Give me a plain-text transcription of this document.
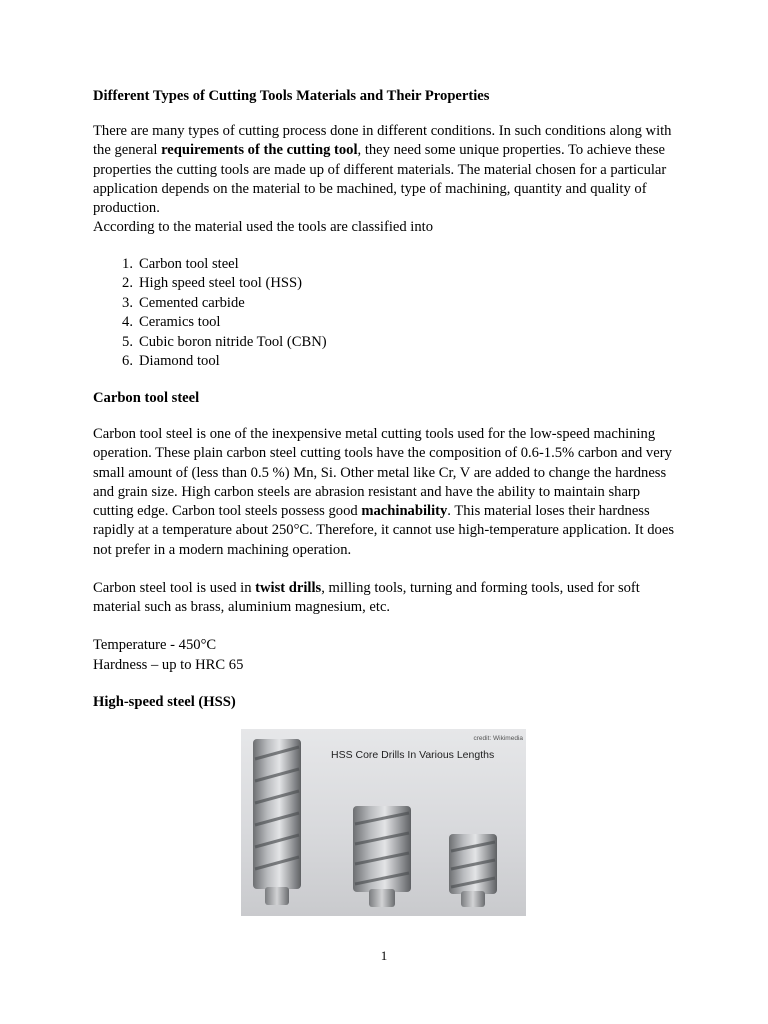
Different Types of Cutting Tools Materials and Their Properties
There are many types of cutting process done in different conditions. In such conditions along with the general requirements of the cutting tool, they need some unique properties. To achieve these properties the cutting tools are made up of different materials. The material chosen for a particular application depends on the material to be machined, type of machining, quantity and quality of production.
According to the material used the tools are classified into
1. Carbon tool steel
2. High speed steel tool (HSS)
3. Cemented carbide
4. Ceramics tool
5. Cubic boron nitride Tool (CBN)
6. Diamond tool
Carbon tool steel
Carbon tool steel is one of the inexpensive metal cutting tools used for the low-speed machining operation. These plain carbon steel cutting tools have the composition of 0.6-1.5% carbon and very small amount of (less than 0.5 %) Mn, Si. Other metal like Cr, V are added to change the hardness and grain size. High carbon steels are abrasion resistant and have the ability to maintain sharp cutting edge. Carbon tool steels possess good machinability. This material loses their hardness rapidly at a temperature about 250°C. Therefore, it cannot use high-temperature application. It does not prefer in a modern machining operation.
Carbon steel tool is used in twist drills, milling tools, turning and forming tools, used for soft material such as brass, aluminium magnesium, etc.
Temperature - 450°C
Hardness – up to HRC 65
High-speed steel (HSS)
HSS Core Drills In Various Lengths
credit: Wikimedia
1
